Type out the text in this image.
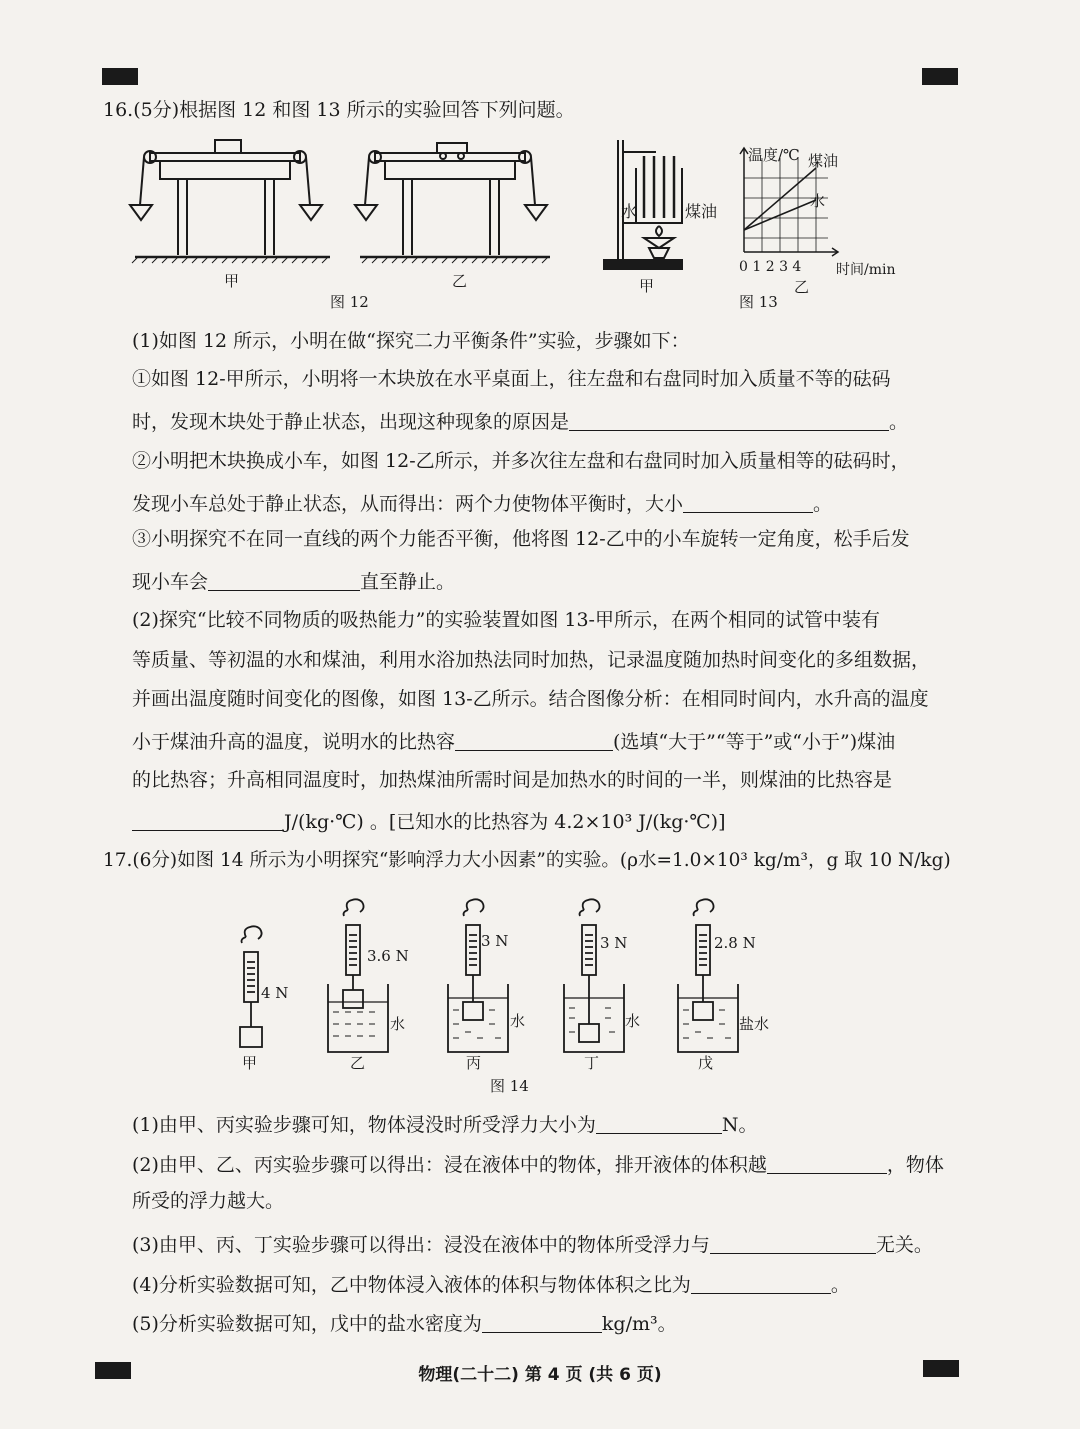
16.(5分)根据图 12 和图 13 所示的实验回答下列问题。
甲	乙
图 12
水	煤油
甲
温度/℃ 煤油
水
0 1 2 3 4 时间/min
乙
图 13
(1)如图 12 所示，小明在做“探究二力平衡条件”实验，步骤如下：
①如图 12-甲所示，小明将一木块放在水平桌面上，往左盘和右盘同时加入质量不等的砝码
时，发现木块处于静止状态，出现这种现象的原因是	。
②小明把木块换成小车，如图 12-乙所示，并多次往左盘和右盘同时加入质量相等的砝码时，
发现小车总处于静止状态，从而得出：两个力使物体平衡时，大小	。
③小明探究不在同一直线的两个力能否平衡，他将图 12-乙中的小车旋转一定角度，松手后发
现小车会	直至静止。
(2)探究“比较不同物质的吸热能力”的实验装置如图 13-甲所示，在两个相同的试管中装有
等质量、等初温的水和煤油，利用水浴加热法同时加热，记录温度随加热时间变化的多组数据，
并画出温度随时间变化的图像，如图 13-乙所示。结合图像分析：在相同时间内，水升高的温度
小于煤油升高的温度，说明水的比热容	(选填“大于”“等于”或“小于”)煤油
的比热容；升高相同温度时，加热煤油所需时间是加热水的时间的一半，则煤油的比热容是
J/(kg·℃) 。[已知水的比热容为 4.2×10³ J/(kg·℃)]
17.(6分)如图 14 所示为小明探究“影响浮力大小因素”的实验。(ρ水=1.0×10³ kg/m³，g 取 10 N/kg)
4 N
3.6 N
3 N	3 N	2.8 N
水	水	水	盐水
甲	乙	丙	丁	戊
图 14
(1)由甲、丙实验步骤可知，物体浸没时所受浮力大小为	N。
(2)由甲、乙、丙实验步骤可以得出：浸在液体中的物体，排开液体的体积越	，物体
所受的浮力越大。
(3)由甲、丙、丁实验步骤可以得出：浸没在液体中的物体所受浮力与	无关。
(4)分析实验数据可知，乙中物体浸入液体的体积与物体体积之比为	。
(5)分析实验数据可知，戊中的盐水密度为	kg/m³。
物理(二十二) 第 4 页 (共 6 页)
